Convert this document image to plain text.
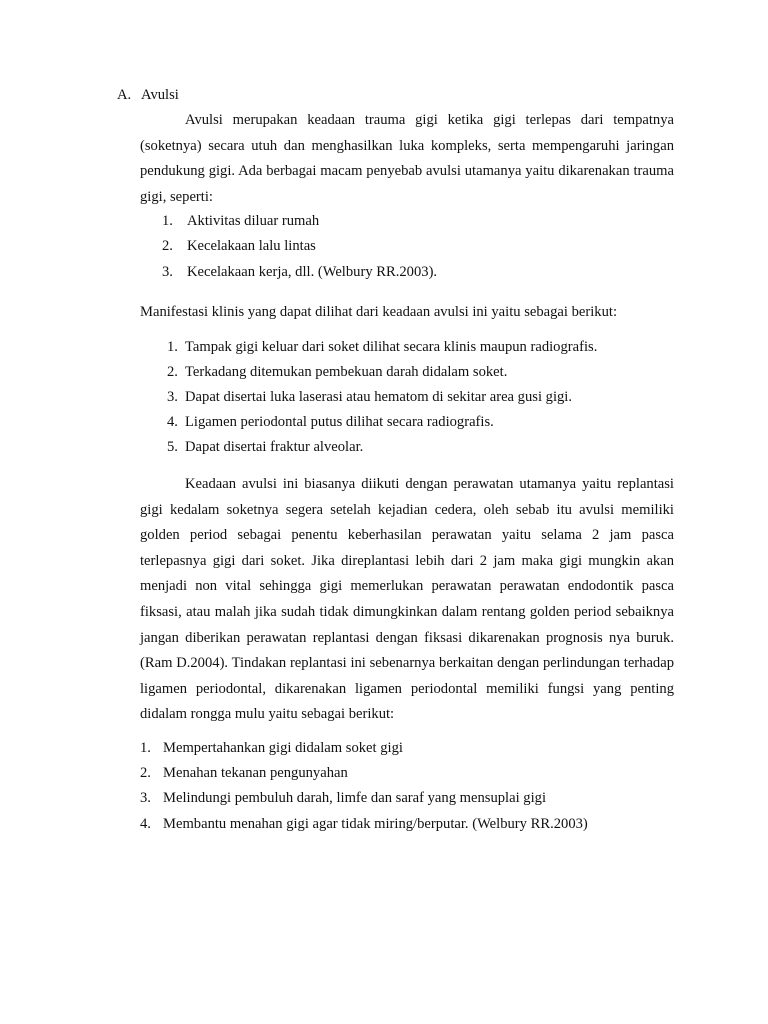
A. Avulsi

Avulsi merupakan keadaan trauma gigi ketika gigi terlepas dari tempatnya (soketnya) secara utuh dan menghasilkan luka kompleks, serta mempengaruhi jaringan pendukung gigi. Ada berbagai macam penyebab avulsi utamanya yaitu dikarenakan trauma gigi, seperti:

1. Aktivitas diluar rumah
2. Kecelakaan lalu lintas
3. Kecelakaan kerja, dll. (Welbury RR.2003).

Manifestasi klinis yang dapat dilihat dari keadaan avulsi ini yaitu sebagai berikut:

1. Tampak gigi keluar dari soket dilihat secara klinis maupun radiografis.
2. Terkadang ditemukan pembekuan darah didalam soket.
3. Dapat disertai luka laserasi atau hematom di sekitar area gusi gigi.
4. Ligamen periodontal putus dilihat secara radiografis.
5. Dapat disertai fraktur alveolar.

Keadaan avulsi ini biasanya diikuti dengan perawatan utamanya yaitu replantasi gigi kedalam soketnya segera setelah kejadian cedera, oleh sebab itu avulsi memiliki golden period sebagai penentu keberhasilan perawatan yaitu selama 2 jam pasca terlepasnya gigi dari soket. Jika direplantasi lebih dari 2 jam maka gigi mungkin akan menjadi non vital sehingga gigi memerlukan perawatan perawatan endodontik pasca fiksasi, atau malah jika sudah tidak dimungkinkan dalam rentang golden period sebaiknya jangan diberikan perawatan replantasi dengan fiksasi dikarenakan prognosis nya buruk. (Ram D.2004). Tindakan replantasi ini sebenarnya berkaitan dengan perlindungan terhadap ligamen periodontal, dikarenakan ligamen periodontal memiliki fungsi yang penting didalam rongga mulu yaitu sebagai berikut:

1. Mempertahankan gigi didalam soket gigi
2. Menahan tekanan pengunyahan
3. Melindungi pembuluh darah, limfe dan saraf yang mensuplai gigi
4. Membantu menahan gigi agar tidak miring/berputar. (Welbury RR.2003)
